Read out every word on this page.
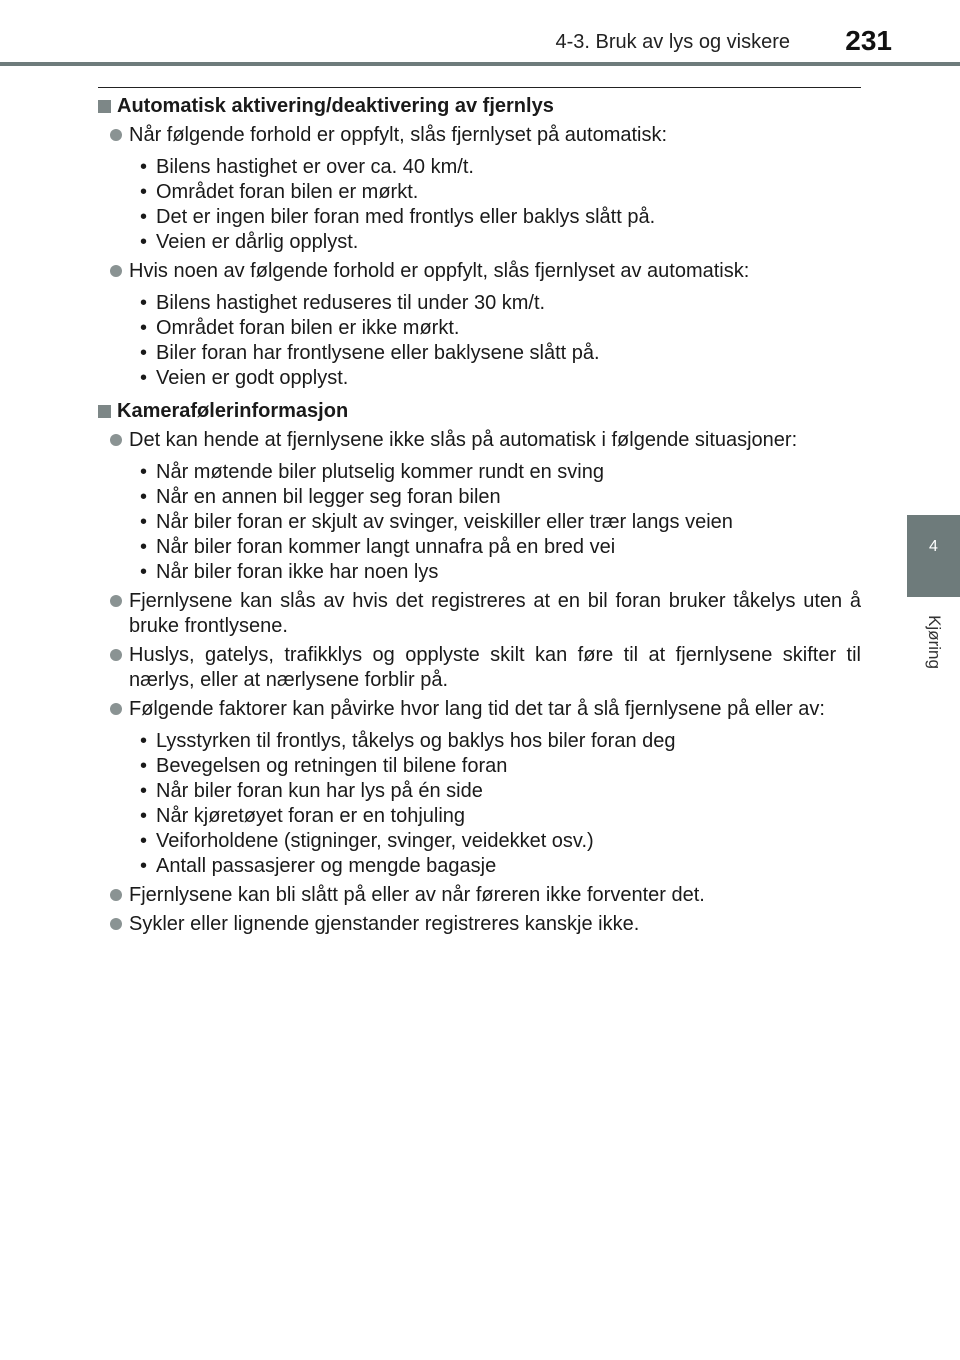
4-3. Bruk av lys og viskere 231
4
Kjøring
Automatisk aktivering/deaktivering av fjernlys
Når følgende forhold er oppfylt, slås fjernlyset på automatisk:
• Bilens hastighet er over ca. 40 km/t.
• Området foran bilen er mørkt.
• Det er ingen biler foran med frontlys eller baklys slått på.
• Veien er dårlig opplyst.
Hvis noen av følgende forhold er oppfylt, slås fjernlyset av automatisk:
• Bilens hastighet reduseres til under 30 km/t.
• Området foran bilen er ikke mørkt.
• Biler foran har frontlysene eller baklysene slått på.
• Veien er godt opplyst.
Kamerafølerinformasjon
Det kan hende at fjernlysene ikke slås på automatisk i følgende situasjoner:
• Når møtende biler plutselig kommer rundt en sving
• Når en annen bil legger seg foran bilen
• Når biler foran er skjult av svinger, veiskiller eller trær langs veien
• Når biler foran kommer langt unnafra på en bred vei
• Når biler foran ikke har noen lys
Fjernlysene kan slås av hvis det registreres at en bil foran bruker tåkelys uten å bruke frontlysene.
Huslys, gatelys, trafikklys og opplyste skilt kan føre til at fjernlysene skifter til nærlys, eller at nærlysene forblir på.
Følgende faktorer kan påvirke hvor lang tid det tar å slå fjernlysene på eller av:
• Lysstyrken til frontlys, tåkelys og baklys hos biler foran deg
• Bevegelsen og retningen til bilene foran
• Når biler foran kun har lys på én side
• Når kjøretøyet foran er en tohjuling
• Veiforholdene (stigninger, svinger, veidekket osv.)
• Antall passasjerer og mengde bagasje
Fjernlysene kan bli slått på eller av når føreren ikke forventer det.
Sykler eller lignende gjenstander registreres kanskje ikke.
